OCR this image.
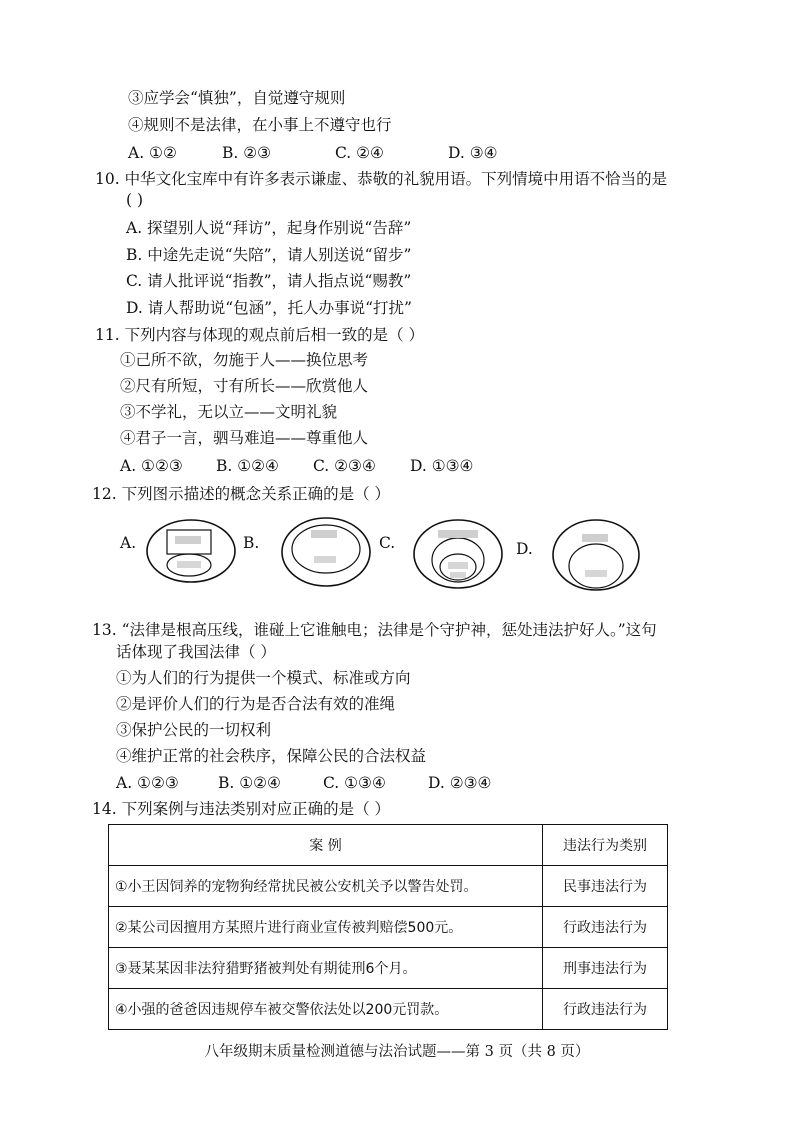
③应学会“慎独”，自觉遵守规则
④规则不是法律，在小事上不遵守也行
A. ①②	B. ②③	C. ②④	D. ③④
10. 中华文化宝库中有许多表示谦虚、恭敬的礼貌用语。下列情境中用语不恰当的是
( )
A. 探望别人说“拜访”，起身作别说“告辞”
B. 中途先走说“失陪”，请人别送说“留步”
C. 请人批评说“指教”，请人指点说“赐教”
D. 请人帮助说“包涵”，托人办事说“打扰”
11. 下列内容与体现的观点前后相一致的是（ ）
①己所不欲，勿施于人——换位思考
②尺有所短，寸有所长——欣赏他人
③不学礼，无以立——文明礼貌
④君子一言，驷马难追——尊重他人
A. ①②③ B. ①②④ C. ②③④ D. ①③④
12. 下列图示描述的概念关系正确的是（ ）
A.	B.	C.	D.
13. “法律是根高压线，谁碰上它谁触电；法律是个守护神，惩处违法护好人。”这句
话体现了我国法律（ ）
①为人们的行为提供一个模式、标准或方向
②是评价人们的行为是否合法有效的准绳
③保护公民的一切权利
④维护正常的社会秩序，保障公民的合法权益
A. ①②③	B. ①②④	C. ①③④	D. ②③④
14. 下列案例与违法类别对应正确的是（ ）
案 例	违法行为类别
①小王因饲养的宠物狗经常扰民被公安机关予以警告处罚。	民事违法行为
②某公司因擅用方某照片进行商业宣传被判赔偿500元。	行政违法行为
③聂某某因非法狩猎野猪被判处有期徒刑6个月。	刑事违法行为
④小强的爸爸因违规停车被交警依法处以200元罚款。	行政违法行为
八年级期末质量检测道德与法治试题——第 3 页（共 8 页）
